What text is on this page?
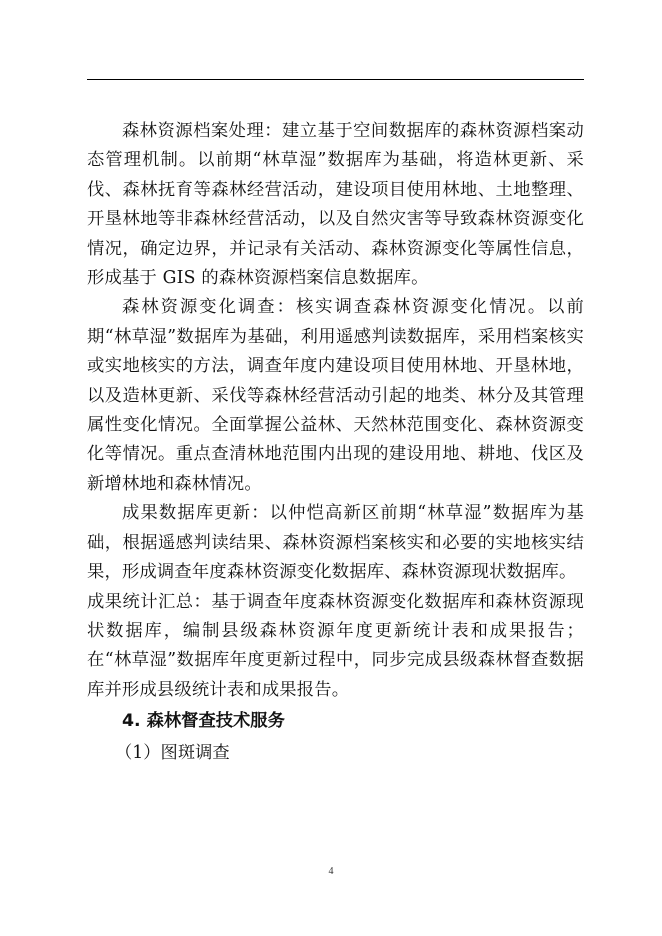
森林资源档案处理：建立基于空间数据库的森林资源档案动态管理机制。以前期“林草湿”数据库为基础，将造林更新、采伐、森林抚育等森林经营活动，建设项目使用林地、土地整理、开垦林地等非森林经营活动，以及自然灾害等导致森林资源变化情况，确定边界，并记录有关活动、森林资源变化等属性信息，形成基于 GIS 的森林资源档案信息数据库。

森林资源变化调查：核实调查森林资源变化情况。以前期“林草湿”数据库为基础，利用遥感判读数据库，采用档案核实或实地核实的方法，调查年度内建设项目使用林地、开垦林地，以及造林更新、采伐等森林经营活动引起的地类、林分及其管理属性变化情况。全面掌握公益林、天然林范围变化、森林资源变化等情况。重点查清林地范围内出现的建设用地、耕地、伐区及新增林地和森林情况。

成果数据库更新：以仲恺高新区前期“林草湿”数据库为基础，根据遥感判读结果、森林资源档案核实和必要的实地核实结果，形成调查年度森林资源变化数据库、森林资源现状数据库。

成果统计汇总：基于调查年度森林资源变化数据库和森林资源现状数据库，编制县级森林资源年度更新统计表和成果报告；在“林草湿”数据库年度更新过程中，同步完成县级森林督查数据库并形成县级统计表和成果报告。

4. 森林督查技术服务
（1）图斑调查
4
